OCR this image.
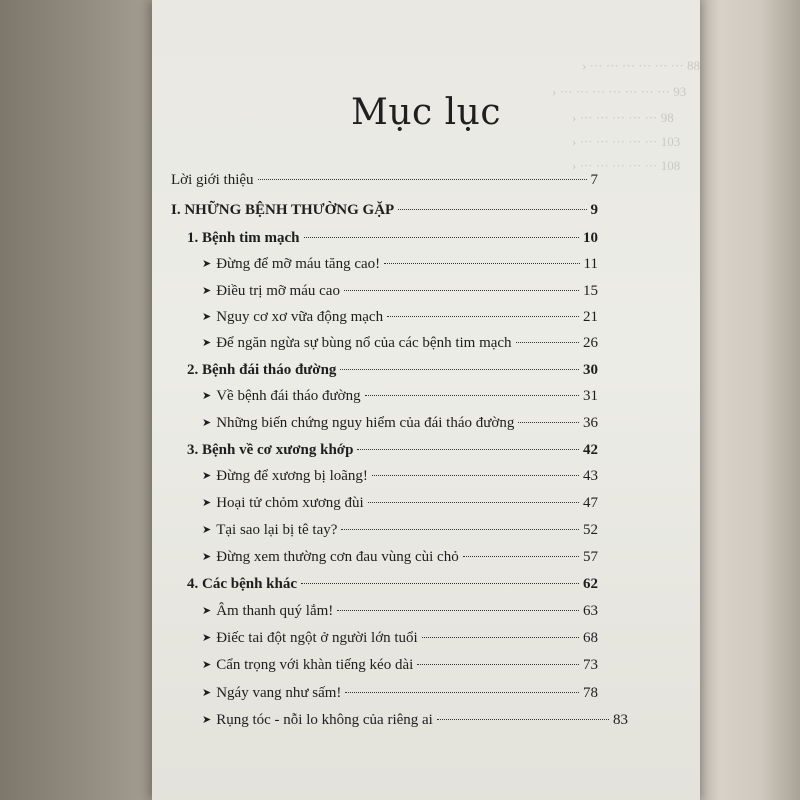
› ··· ··· ··· ··· ··· ··· 88
› ··· ··· ··· ··· ··· ··· ··· 93
› ··· ··· ··· ··· ··· 98
› ··· ··· ··· ··· ··· 103
› ··· ··· ··· ··· ··· 108
Mục lục
Lời giới thiệu	7
I. NHỮNG BỆNH THƯỜNG GẶP	9
1. Bệnh tim mạch	10
➤ Đừng để mỡ máu tăng cao!	11
➤ Điều trị mỡ máu cao	15
➤ Nguy cơ xơ vữa động mạch	21
➤ Để ngăn ngừa sự bùng nổ của các bệnh tim mạch	26
2. Bệnh đái tháo đường	30
➤ Về bệnh đái tháo đường	31
➤ Những biến chứng nguy hiểm của đái tháo đường	36
3. Bệnh về cơ xương khớp	42
➤ Đừng để xương bị loãng!	43
➤ Hoại tử chỏm xương đùi	47
➤ Tại sao lại bị tê tay?	52
➤ Đừng xem thường cơn đau vùng cùi chỏ	57
4. Các bệnh khác	62
➤ Âm thanh quý lắm!	63
➤ Điếc tai đột ngột ở người lớn tuổi	68
➤ Cẩn trọng với khàn tiếng kéo dài	73
➤ Ngáy vang như sấm!	78
➤ Rụng tóc - nỗi lo không của riêng ai	83
